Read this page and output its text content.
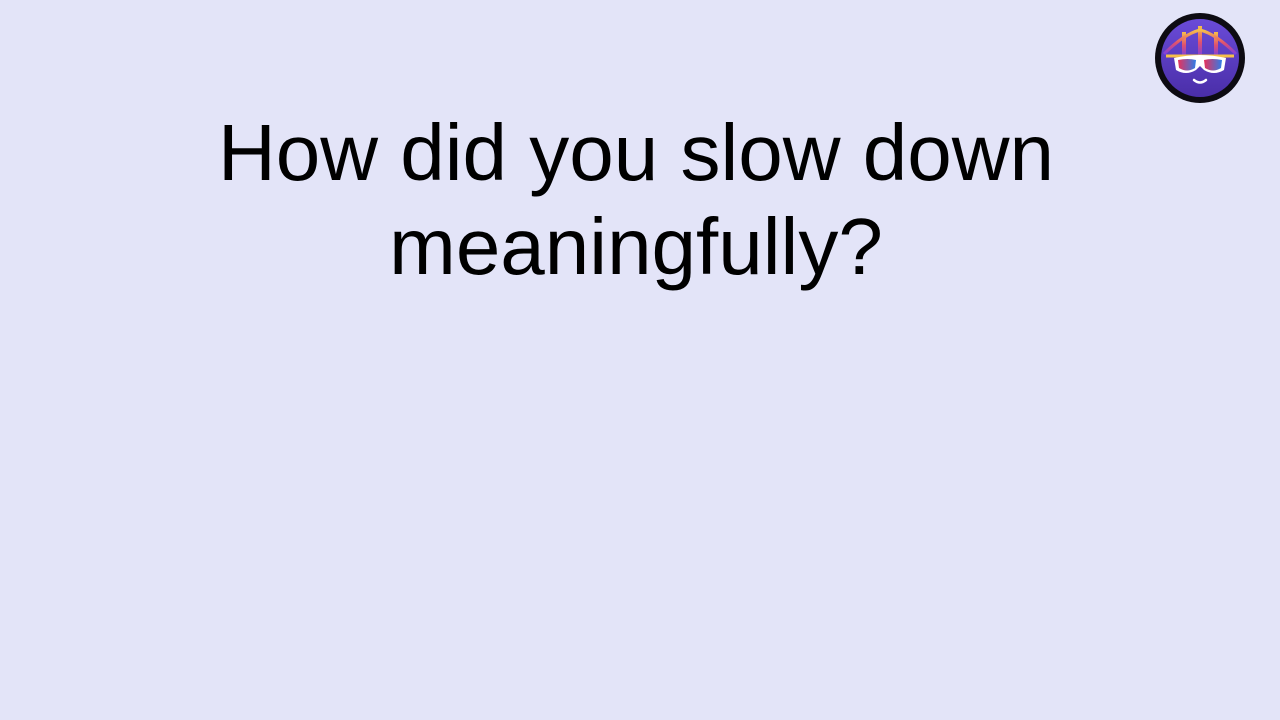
How did you slow down
meaningfully?
